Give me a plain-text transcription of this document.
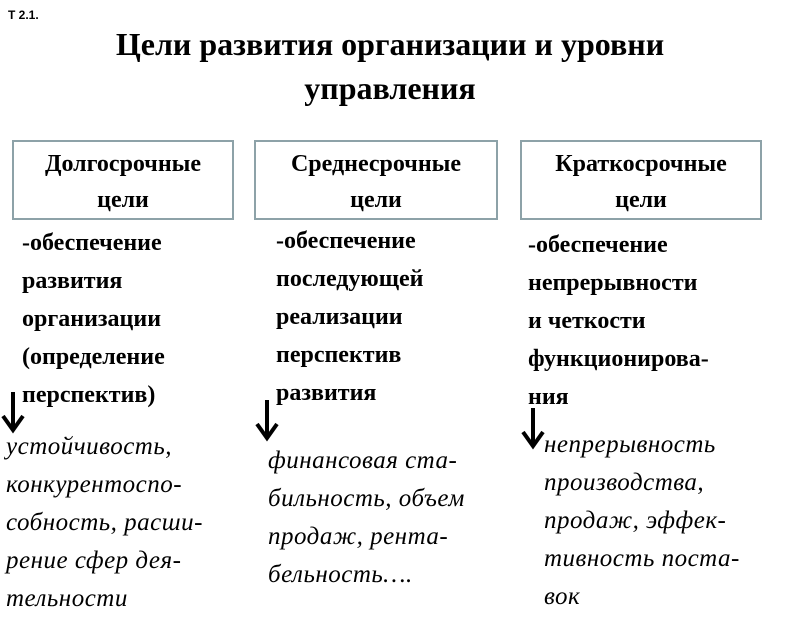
Т 2.1.
Цели развития организации и уровни
управления
Долгосрочные
цели
-обеспечение
развития
организации
(определение
перспектив)
устойчивость,
конкурентоспо-
собность, расши-
рение сфер дея-
тельности
Среднесрочные
цели
-обеспечение
последующей
реализации
перспектив
развития
финансовая ста-
бильность, объем
продаж, рента-
бельность….
Краткосрочные
цели
-обеспечение
непрерывности
и четкости
функционирова-
ния
непрерывность
производства,
продаж, эффек-
тивность поста-
вок
